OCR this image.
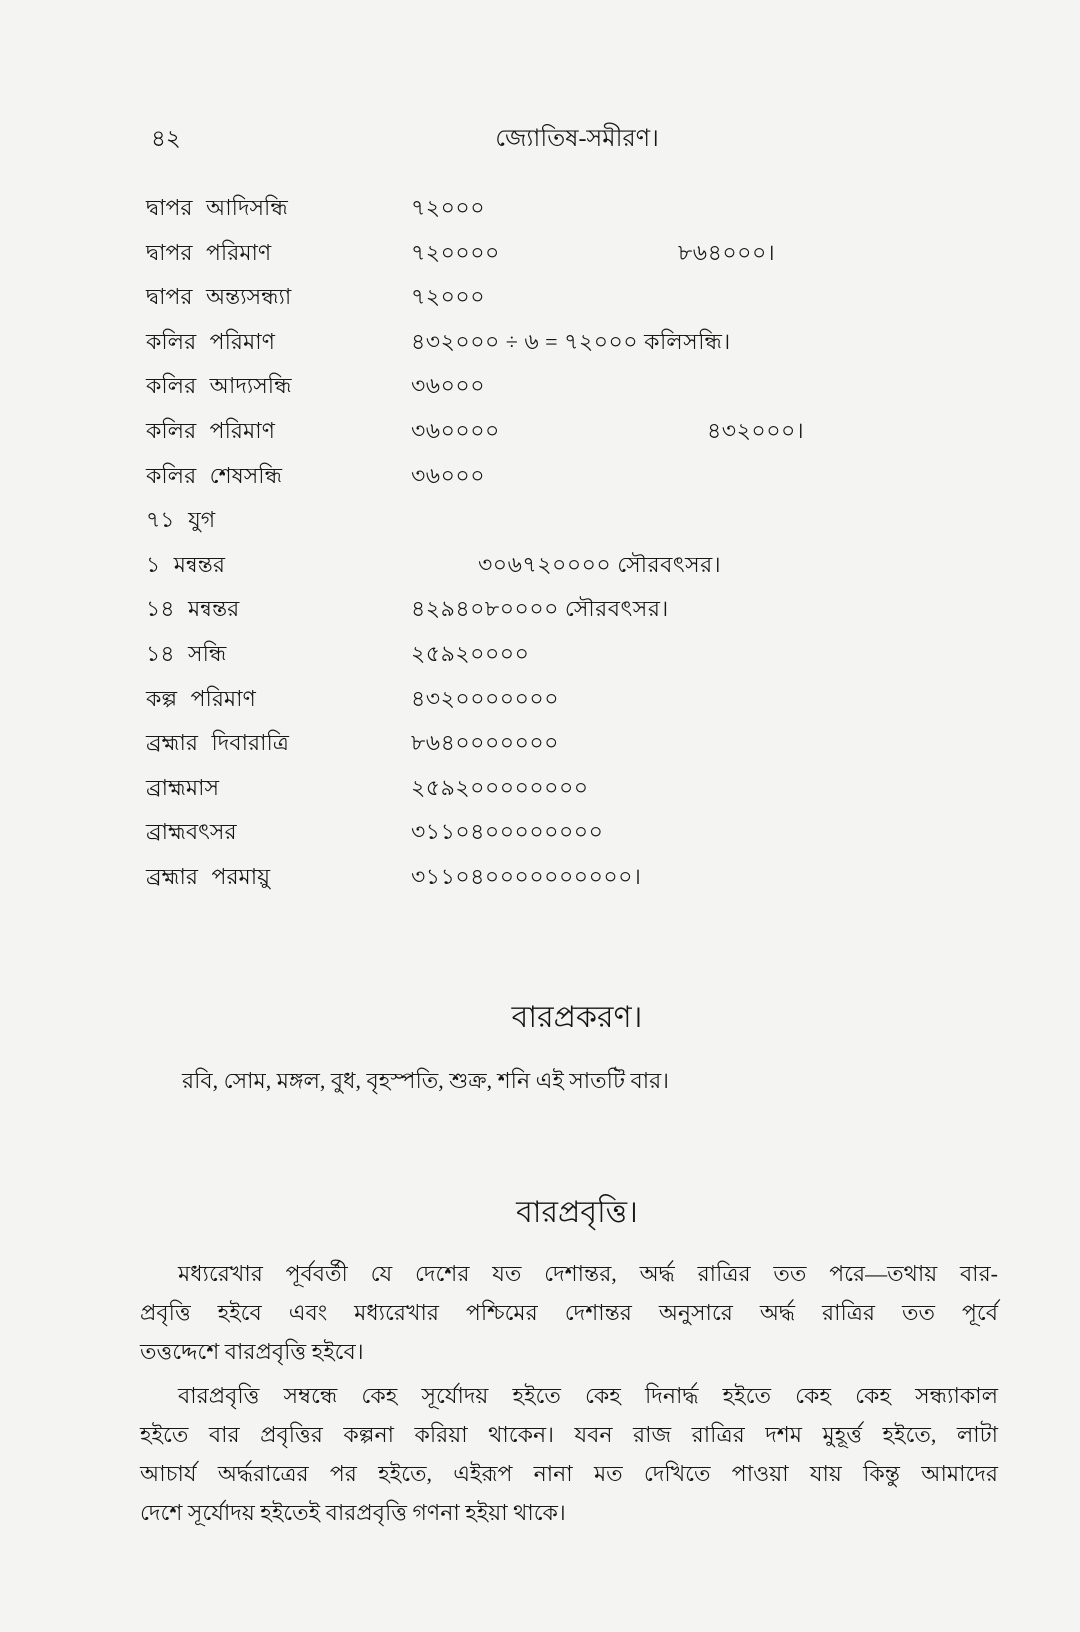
৪২	জ্যোতিষ-সমীরণ।
দ্বাপর আদিসন্ধি	৭২০০০
দ্বাপর পরিমাণ	৭২০০০০	৮৬৪০০০।
দ্বাপর অন্ত্যসন্ধ্যা	৭২০০০
কলির পরিমাণ	৪৩২০০০ ÷ ৬ = ৭২০০০ কলিসন্ধি।
কলির আদ্যসন্ধি	৩৬০০০
কলির পরিমাণ	৩৬০০০০	৪৩২০০০।
কলির শেষসন্ধি	৩৬০০০
৭১ যুগ
১ মন্বন্তর	৩০৬৭২০০০০ সৌরবৎসর।
১৪ মন্বন্তর	৪২৯৪০৮০০০০ সৌরবৎসর।
১৪ সন্ধি	২৫৯২০০০০
কল্প পরিমাণ	৪৩২০০০০০০০
ব্রহ্মার দিবারাত্রি	৮৬৪০০০০০০০
ব্রাহ্মমাস	২৫৯২০০০০০০০০
ব্রাহ্মবৎসর	৩১১০৪০০০০০০০০
ব্রহ্মার পরমায়ু	৩১১০৪০০০০০০০০০০।
বারপ্রকরণ।
রবি, সোম, মঙ্গল, বুধ, বৃহস্পতি, শুক্র, শনি এই সাতটি বার।
বারপ্রবৃত্তি।
মধ্যরেখার পূর্ববর্তী যে দেশের যত দেশান্তর, অর্দ্ধ রাত্রির তত পরে—তথায় বার-
প্রবৃত্তি হইবে এবং মধ্যরেখার পশ্চিমের দেশান্তর অনুসারে অর্দ্ধ রাত্রির তত পূর্বে
তত্তদ্দেশে বারপ্রবৃত্তি হইবে।
বারপ্রবৃত্তি সম্বন্ধে কেহ সূর্যোদয় হইতে কেহ দিনার্দ্ধ হইতে কেহ কেহ সন্ধ্যাকাল
হইতে বার প্রবৃত্তির কল্পনা করিয়া থাকেন। যবন রাজ রাত্রির দশম মুহূর্ত্ত হইতে, লাটা
আচার্য অর্দ্ধরাত্রের পর হইতে, এইরূপ নানা মত দেখিতে পাওয়া যায় কিন্তু আমাদের
দেশে সূর্যোদয় হইতেই বারপ্রবৃত্তি গণনা হইয়া থাকে।
